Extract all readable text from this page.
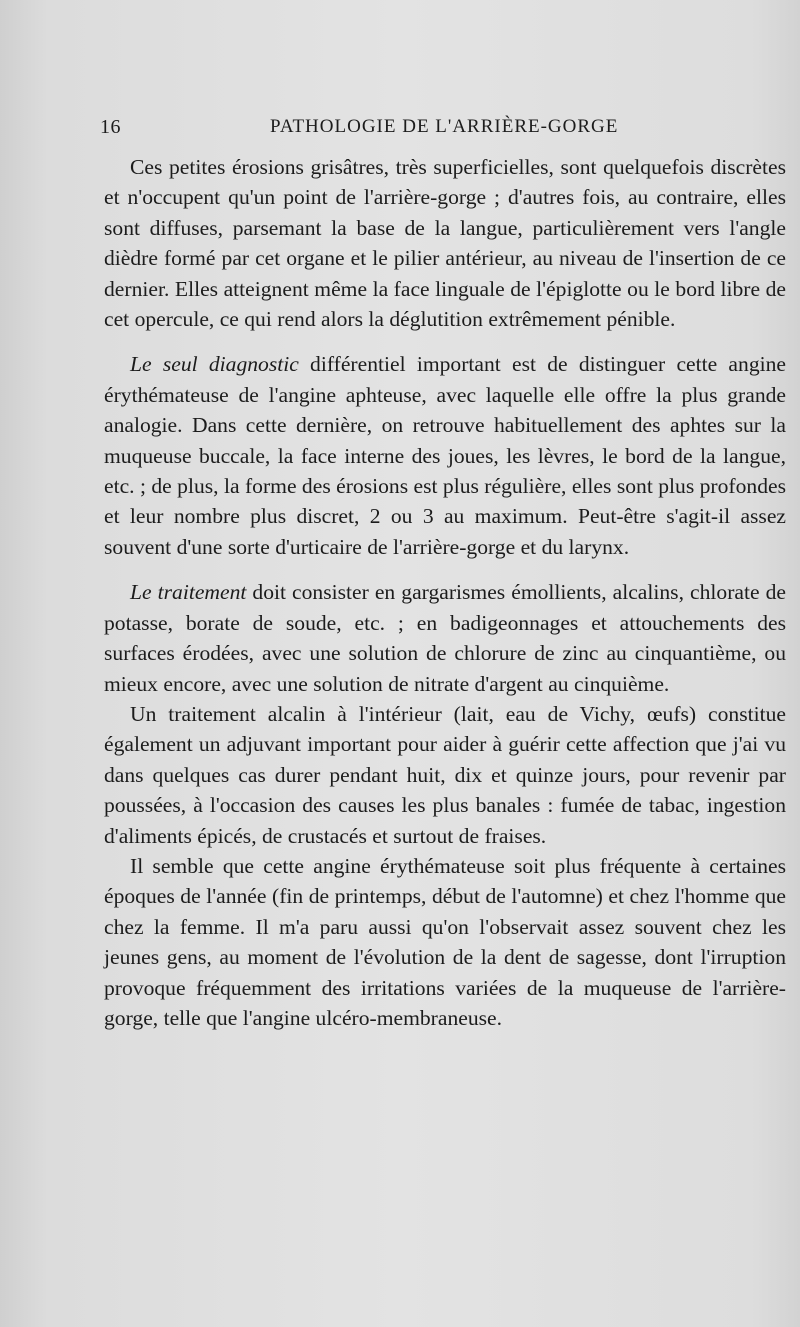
16	PATHOLOGIE DE L'ARRIÈRE-GORGE

Ces petites érosions grisâtres, très superficielles, sont quelquefois discrètes et n'occupent qu'un point de l'arrière-gorge ; d'autres fois, au contraire, elles sont diffuses, parsemant la base de la langue, particulièrement vers l'angle dièdre formé par cet organe et le pilier antérieur, au niveau de l'insertion de ce dernier. Elles atteignent même la face linguale de l'épiglotte ou le bord libre de cet opercule, ce qui rend alors la déglutition extrêmement pénible.

Le seul diagnostic différentiel important est de distinguer cette angine érythémateuse de l'angine aphteuse, avec laquelle elle offre la plus grande analogie. Dans cette dernière, on retrouve habituellement des aphtes sur la muqueuse buccale, la face interne des joues, les lèvres, le bord de la langue, etc. ; de plus, la forme des érosions est plus régulière, elles sont plus profondes et leur nombre plus discret, 2 ou 3 au maximum. Peut-être s'agit-il assez souvent d'une sorte d'urticaire de l'arrière-gorge et du larynx.

Le traitement doit consister en gargarismes émollients, alcalins, chlorate de potasse, borate de soude, etc. ; en badigeonnages et attouchements des surfaces érodées, avec une solution de chlorure de zinc au cinquantième, ou mieux encore, avec une solution de nitrate d'argent au cinquième.

Un traitement alcalin à l'intérieur (lait, eau de Vichy, œufs) constitue également un adjuvant important pour aider à guérir cette affection que j'ai vu dans quelques cas durer pendant huit, dix et quinze jours, pour revenir par poussées, à l'occasion des causes les plus banales : fumée de tabac, ingestion d'aliments épicés, de crustacés et surtout de fraises.

Il semble que cette angine érythémateuse soit plus fréquente à certaines époques de l'année (fin de printemps, début de l'automne) et chez l'homme que chez la femme. Il m'a paru aussi qu'on l'observait assez souvent chez les jeunes gens, au moment de l'évolution de la dent de sagesse, dont l'irruption provoque fréquemment des irritations variées de la muqueuse de l'arrière-gorge, telle que l'angine ulcéro-membraneuse.
